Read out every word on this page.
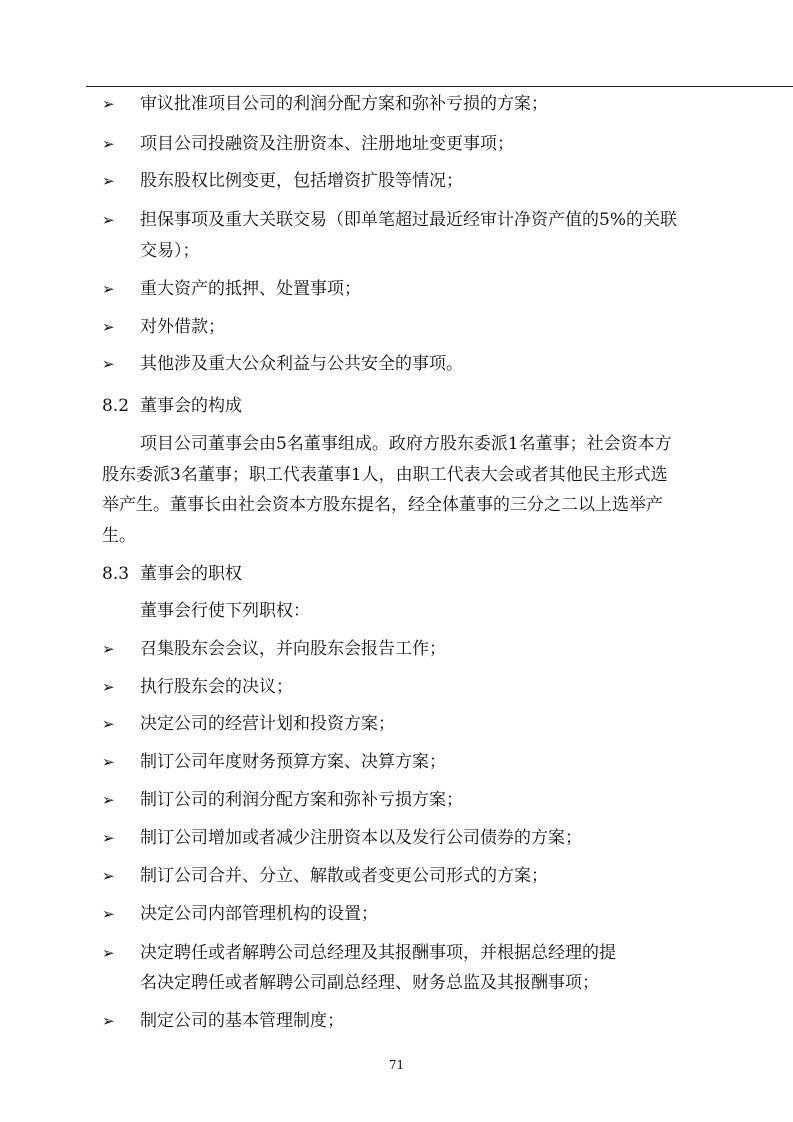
➢ 审议批准项目公司的利润分配方案和弥补亏损的方案；
➢ 项目公司投融资及注册资本、注册地址变更事项；
➢ 股东股权比例变更，包括增资扩股等情况；
➢ 担保事项及重大关联交易（即单笔超过最近经审计净资产值的5%的关联
交易）；
➢ 重大资产的抵押、处置事项；
➢ 对外借款；
➢ 其他涉及重大公众利益与公共安全的事项。
8.2 董事会的构成
项目公司董事会由5名董事组成。政府方股东委派1名董事；社会资本方
股东委派3名董事；职工代表董事1人，由职工代表大会或者其他民主形式选
举产生。董事长由社会资本方股东提名，经全体董事的三分之二以上选举产
生。
8.3 董事会的职权
董事会行使下列职权：
➢ 召集股东会会议，并向股东会报告工作；
➢ 执行股东会的决议；
➢ 决定公司的经营计划和投资方案；
➢ 制订公司年度财务预算方案、决算方案；
➢ 制订公司的利润分配方案和弥补亏损方案；
➢ 制订公司增加或者减少注册资本以及发行公司债券的方案；
➢ 制订公司合并、分立、解散或者变更公司形式的方案；
➢ 决定公司内部管理机构的设置；
➢ 决定聘任或者解聘公司总经理及其报酬事项，并根据总经理的提
名决定聘任或者解聘公司副总经理、财务总监及其报酬事项；
➢ 制定公司的基本管理制度；
71
